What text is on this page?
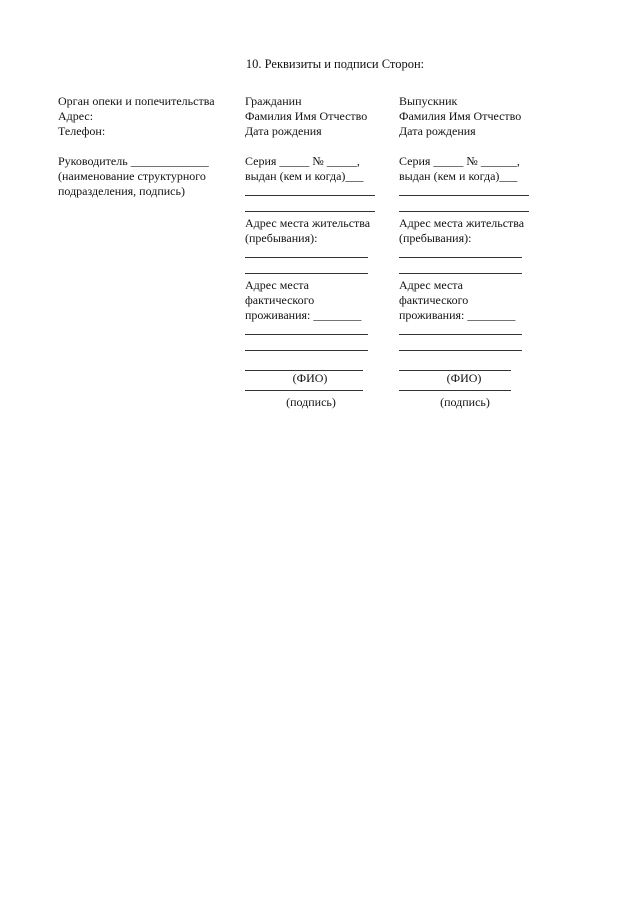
10. Реквизиты и подписи Сторон:
Орган опеки и попечительства
Адрес:
Телефон:
Руководитель _____________
(наименование структурного
подразделения, подпись)
Гражданин
Фамилия Имя Отчество
Дата рождения
Серия _____ № _____,
выдан (кем и когда)___
Адрес места жительства
(пребывания):
Адрес места
фактического
проживания: ________
(ФИО)
(подпись)
Выпускник
Фамилия Имя Отчество
Дата рождения
Серия _____ № ______,
выдан (кем и когда)___
Адрес места жительства
(пребывания):
Адрес места
фактического
проживания: ________
(ФИО)
(подпись)
